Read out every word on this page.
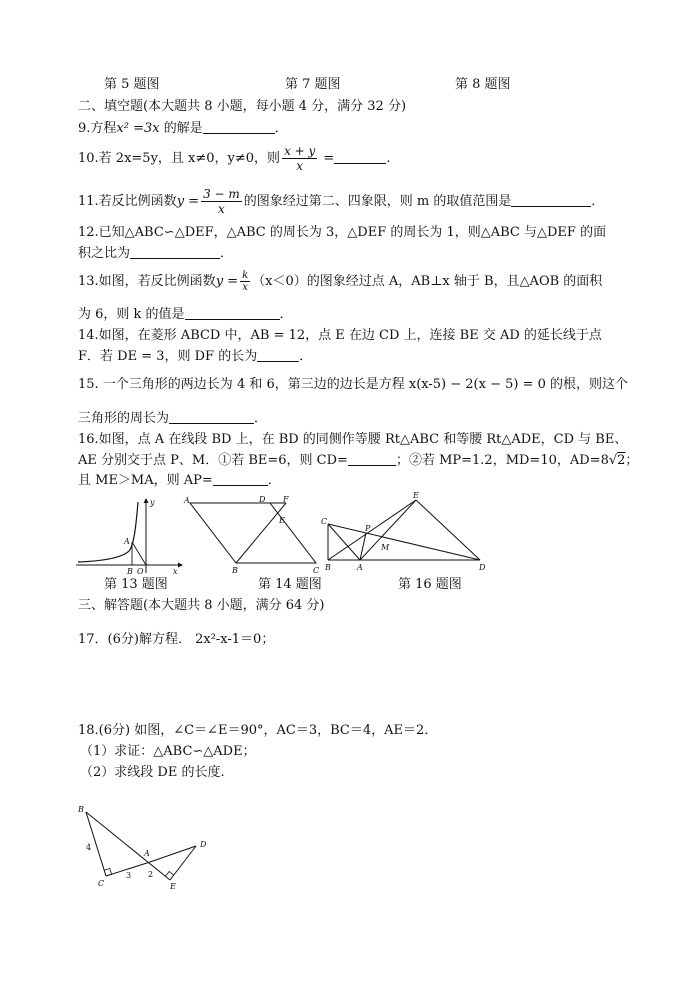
第 5 题图	第 7 题图	第 8 题图
二、填空题(本大题共 8 小题，每小题 4 分，满分 32 分)
9.方程x² =3x 的解是	．
10.若 2x=5y，且 x≠0，y≠0，则 $\frac{x + y}{x}$ =	.
11.若反比例函数$y = \frac{3 - m}{x}$ 的图象经过第二、四象限，则 m 的取值范围是	．
12.已知△ABC∽△DEF，△ABC 的周长为 3，△DEF 的周长为 1，则△ABC 与△DEF 的面
积之比为	．
13.如图，若反比例函数$y = \frac{k}{x} (x<0)$的图象经过点 A，AB⊥x 轴于 B，且△AOB 的面积
为 6，则 k 的值是	．
14.如图，在菱形 ABCD 中，AB = 12，点 E 在边 CD 上，连接 BE 交 AD 的延长线于点
F．若 DE = 3，则 DF 的长为	．
15. 一个三角形的两边长为 4 和 6，第三边的边长是方程 x(x-5) − 2(x − 5) = 0 的根，则这个
三角形的周长为	．
16.如图，点 A 在线段 BD 上，在 BD 的同侧作等腰 Rt△ABC 和等腰 Rt△ADE，CD 与 BE、
AE 分别交于点 P、M．①若 BE=6，则 CD=	；②若 MP=1.2，MD=10，AD=8√2；
且 ME＞MA，则 AP=	．
y
x
A
B O
第 13 题图
A	D F
E
B	C
第 14 题图
E
C
P
M
B	A	D
第 16 题图
三、解答题(本大题共 8 小题，满分 64 分)
17．(6分)解方程． 2x²-x-1＝0；
18.(6分) 如图，∠C＝∠E＝90°，AC＝3，BC＝4，AE＝2．
（1）求证：△ABC∽△ADE；
（2）求线段 DE 的长度.
B
D
A
C	E
4
3 2
